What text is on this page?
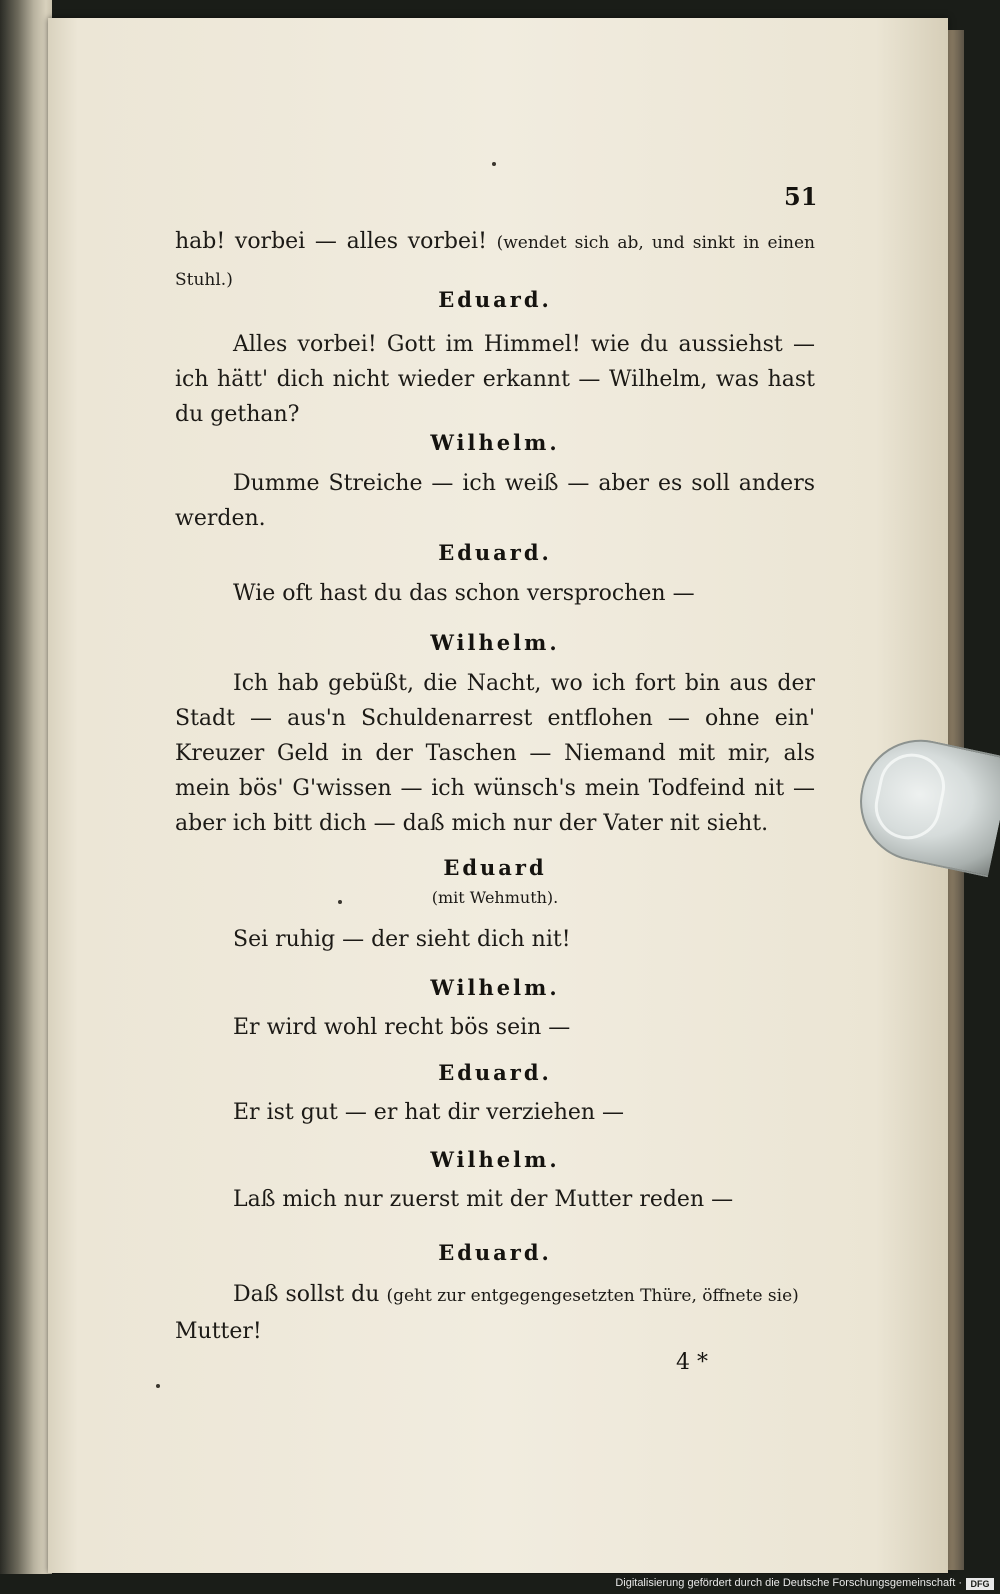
51

hab! vorbei — alles vorbei! (wendet sich ab, und sinkt in einen Stuhl.)

Eduard.

Alles vorbei! Gott im Himmel! wie du aussiehst — ich hätt' dich nicht wieder erkannt — Wilhelm, was hast du gethan?

Wilhelm.

Dumme Streiche — ich weiß — aber es soll anders werden.

Eduard.

Wie oft hast du das schon versprochen —

Wilhelm.

Ich hab gebüßt, die Nacht, wo ich fort bin aus der Stadt — aus'n Schuldenarrest entflohen — ohne ein' Kreuzer Geld in der Taschen — Niemand mit mir, als mein bös' G'wissen — ich wünsch's mein Todfeind nit — aber ich bitt dich — daß mich nur der Vater nit sieht.

Eduard
(mit Wehmuth).

Sei ruhig — der sieht dich nit!

Wilhelm.

Er wird wohl recht bös sein —

Eduard.

Er ist gut — er hat dir verziehen —

Wilhelm.

Laß mich nur zuerst mit der Mutter reden —

Eduard.

Daß sollst du (geht zur entgegengesetzten Thüre, öffnete sie) Mutter!

4 *
Digitalisierung gefördert durch die Deutsche Forschungsgemeinschaft · DFG
